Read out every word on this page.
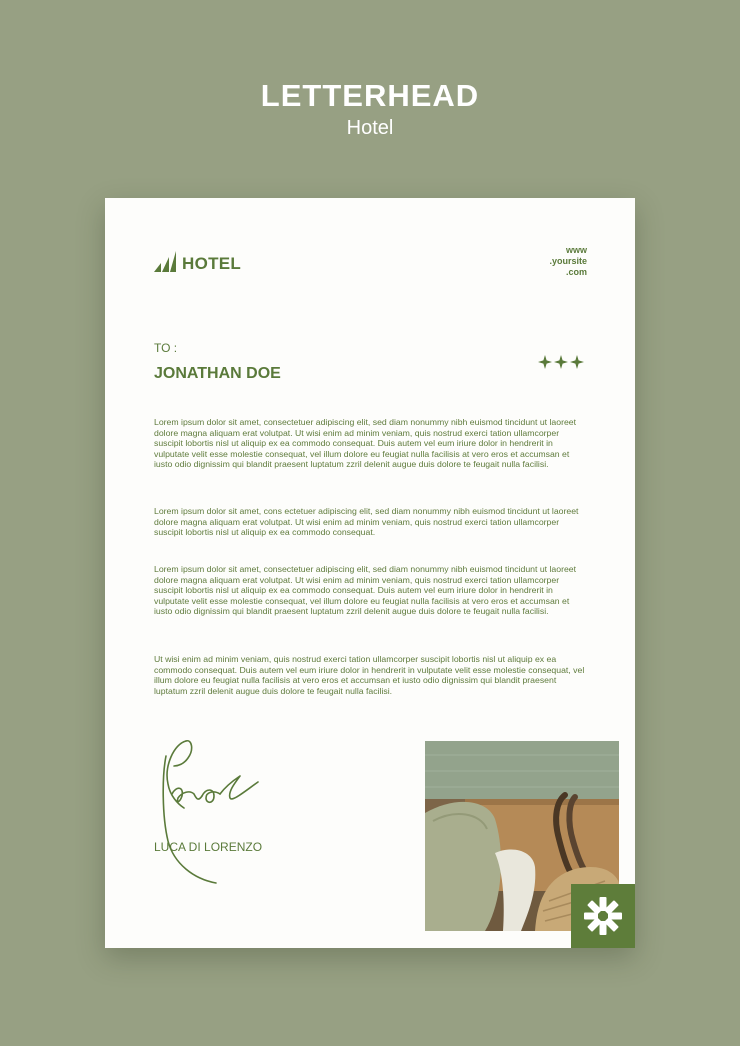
LETTERHEAD
Hotel
HOTEL
www
.yoursite
.com
TO :
JONATHAN DOE

Lorem ipsum dolor sit amet, consectetuer adipiscing elit, sed diam nonummy nibh euismod tincidunt ut laoreet dolore magna aliquam erat volutpat. Ut wisi enim ad minim veniam, quis nostrud exerci tation ullamcorper suscipit lobortis nisl ut aliquip ex ea commodo consequat. Duis autem vel eum iriure dolor in hendrerit in vulputate velit esse molestie consequat, vel illum dolore eu feugiat nulla facilisis at vero eros et accumsan et iusto odio dignissim qui blandit praesent luptatum zzril delenit augue duis dolore te feugait nulla facilisi.

Lorem ipsum dolor sit amet, cons ectetuer adipiscing elit, sed diam nonummy nibh euismod tincidunt ut laoreet dolore magna aliquam erat volutpat. Ut wisi enim ad minim veniam, quis nostrud exerci tation ullamcorper suscipit lobortis nisl ut aliquip ex ea commodo consequat.

Lorem ipsum dolor sit amet, consectetuer adipiscing elit, sed diam nonummy nibh euismod tincidunt ut laoreet dolore magna aliquam erat volutpat. Ut wisi enim ad minim veniam, quis nostrud exerci tation ullamcorper suscipit lobortis nisl ut aliquip ex ea commodo consequat. Duis autem vel eum iriure dolor in hendrerit in vulputate velit esse molestie consequat, vel illum dolore eu feugiat nulla facilisis at vero eros et accumsan et iusto odio dignissim qui blandit praesent luptatum zzril delenit augue duis dolore te feugait nulla facilisi.

Ut wisi enim ad minim veniam, quis nostrud exerci tation ullamcorper suscipit lobortis nisl ut aliquip ex ea commodo consequat. Duis autem vel eum iriure dolor in hendrerit in vulputate velit esse molestie consequat, vel illum dolore eu feugiat nulla facilisis at vero eros et accumsan et iusto odio dignissim qui blandit praesent luptatum zzril delenit augue duis dolore te feugait nulla facilisi.

LUCA DI LORENZO
